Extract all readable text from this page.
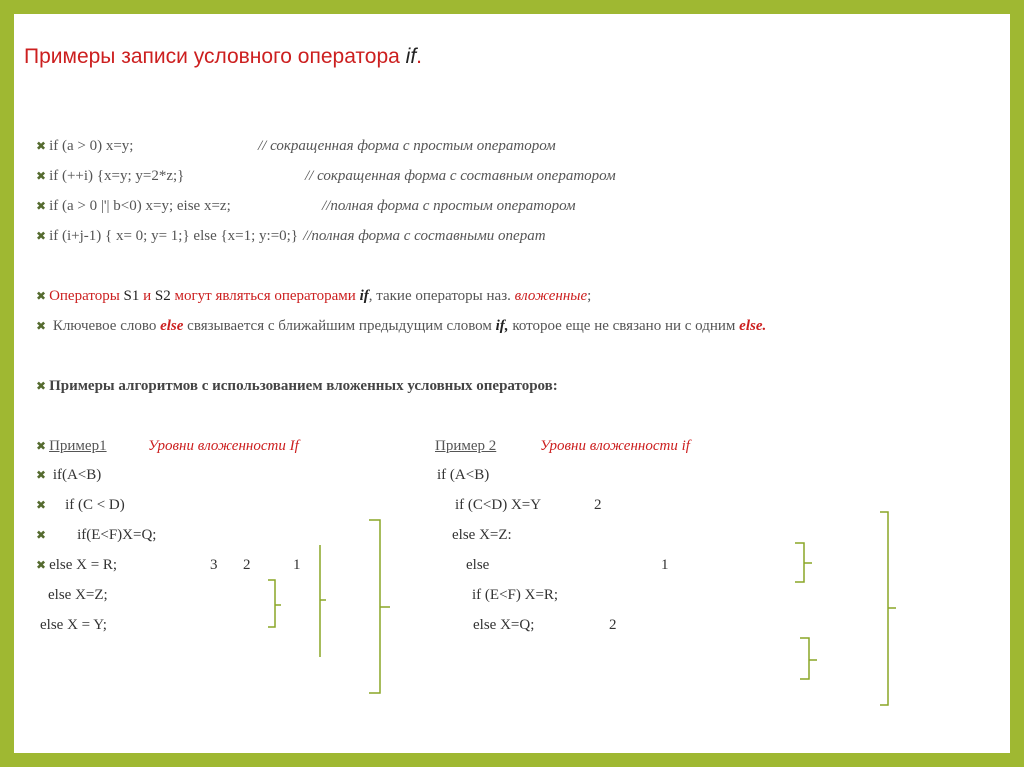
Примеры записи условного оператора if.
✖ if (a > 0) x=y;	// сокращенная форма с простым оператором
✖ if (++i) {x=y; y=2*z;}	// сокращенная форма с составным оператором
✖ if (a > 0 |'| b<0) x=y; eise x=z;	//полная форма с простым оператором
✖ if (i+j-1) { x= 0; y= 1;} else {x=1; y:=0;} //полная форма с составными операт
✖ Операторы S1 и S2 могут являться операторами if, такие операторы наз. вложенные;
✖ Ключевое слово else связывается с ближайшим предыдущим словом if, которое еще не связано ни с одним else.
✖ Примеры алгоритмов с использованием вложенных условных операторов:
✖ Пример1	Уровни вложенности If
✖ if(A<B)
✖ if (C < D)
✖ if(E<F)X=Q;
✖ else X = R;
else X=Z;
else X = Y;
3 2	1
Пример 2	Уровни вложенности if
if (A<B)
if (C<D) X=Y
else X=Z:
else
if (E<F) X=R;
else X=Q;
2
1
2
